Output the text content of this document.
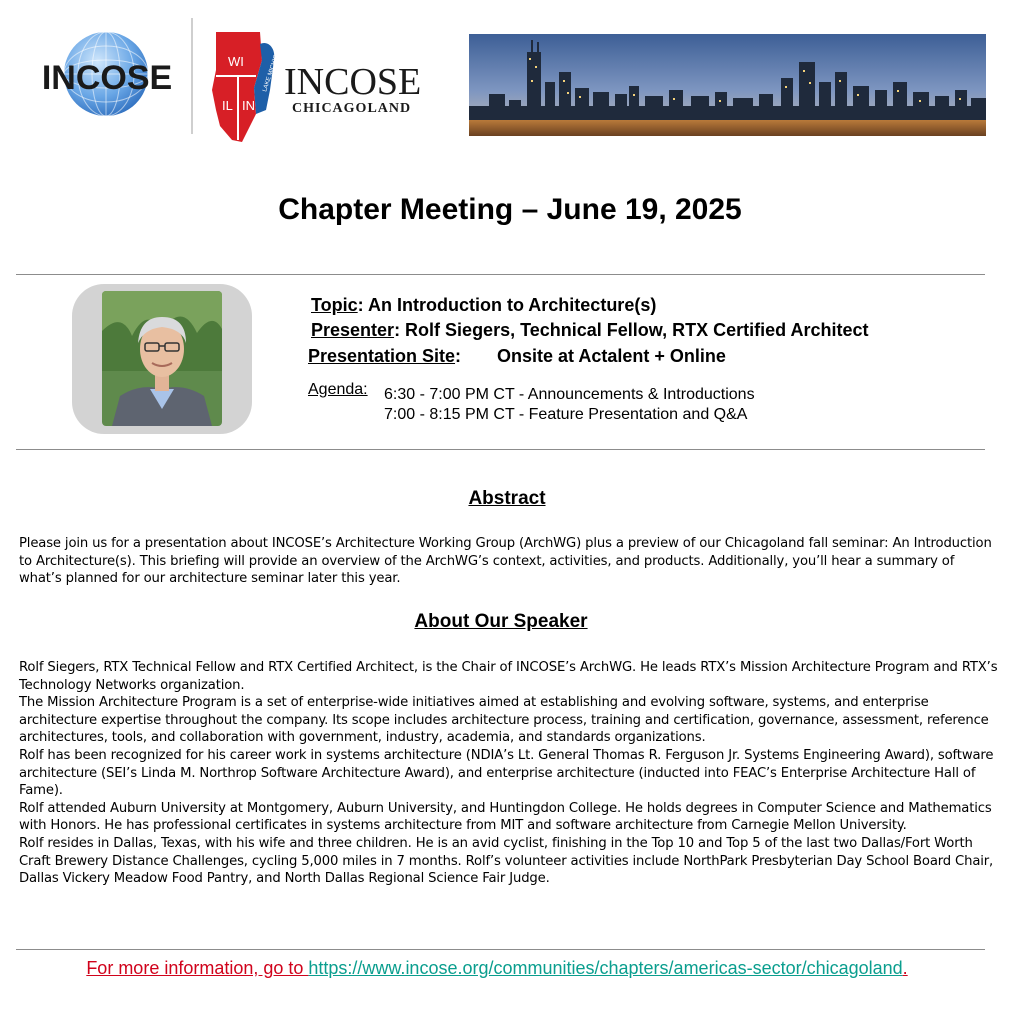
INCOSE	WI
IL IN
LAKE MICHIGAN INCOSE
CHICAGOLAND
Chapter Meeting – June 19, 2025
Topic: An Introduction to Architecture(s)
Presenter: Rolf Siegers, Technical Fellow, RTX Certified Architect
Presentation Site: Onsite at Actalent + Online
Agenda: 6:30 - 7:00 PM CT - Announcements & Introductions
7:00 - 8:15 PM CT - Feature Presentation and Q&A
Abstract

Please join us for a presentation about INCOSE’s Architecture Working Group (ArchWG) plus a preview of our Chicagoland fall seminar: An Introduction to Architecture(s). This briefing will provide an overview of the ArchWG’s context, activities, and products. Additionally, you’ll hear a summary of what’s planned for our architecture seminar later this year.

About Our Speaker

Rolf Siegers, RTX Technical Fellow and RTX Certified Architect, is the Chair of INCOSE’s ArchWG. He leads RTX’s Mission Architecture Program and RTX’s Technology Networks organization.

The Mission Architecture Program is a set of enterprise-wide initiatives aimed at establishing and evolving software, systems, and enterprise architecture expertise throughout the company. Its scope includes architecture process, training and certification, governance, assessment, reference architectures, tools, and collaboration with government, industry, academia, and standards organizations.

Rolf has been recognized for his career work in systems architecture (NDIA’s Lt. General Thomas R. Ferguson Jr. Systems Engineering Award), software architecture (SEI’s Linda M. Northrop Software Architecture Award), and enterprise architecture (inducted into FEAC’s Enterprise Architecture Hall of Fame).

Rolf attended Auburn University at Montgomery, Auburn University, and Huntingdon College. He holds degrees in Computer Science and Mathematics with Honors. He has professional certificates in systems architecture from MIT and software architecture from Carnegie Mellon University.

Rolf resides in Dallas, Texas, with his wife and three children. He is an avid cyclist, finishing in the Top 10 and Top 5 of the last two Dallas/Fort Worth Craft Brewery Distance Challenges, cycling 5,000 miles in 7 months. Rolf’s volunteer activities include NorthPark Presbyterian Day School Board Chair, Dallas Vickery Meadow Food Pantry, and North Dallas Regional Science Fair Judge.

For more information, go to https://www.incose.org/communities/chapters/americas-sector/chicagoland.
